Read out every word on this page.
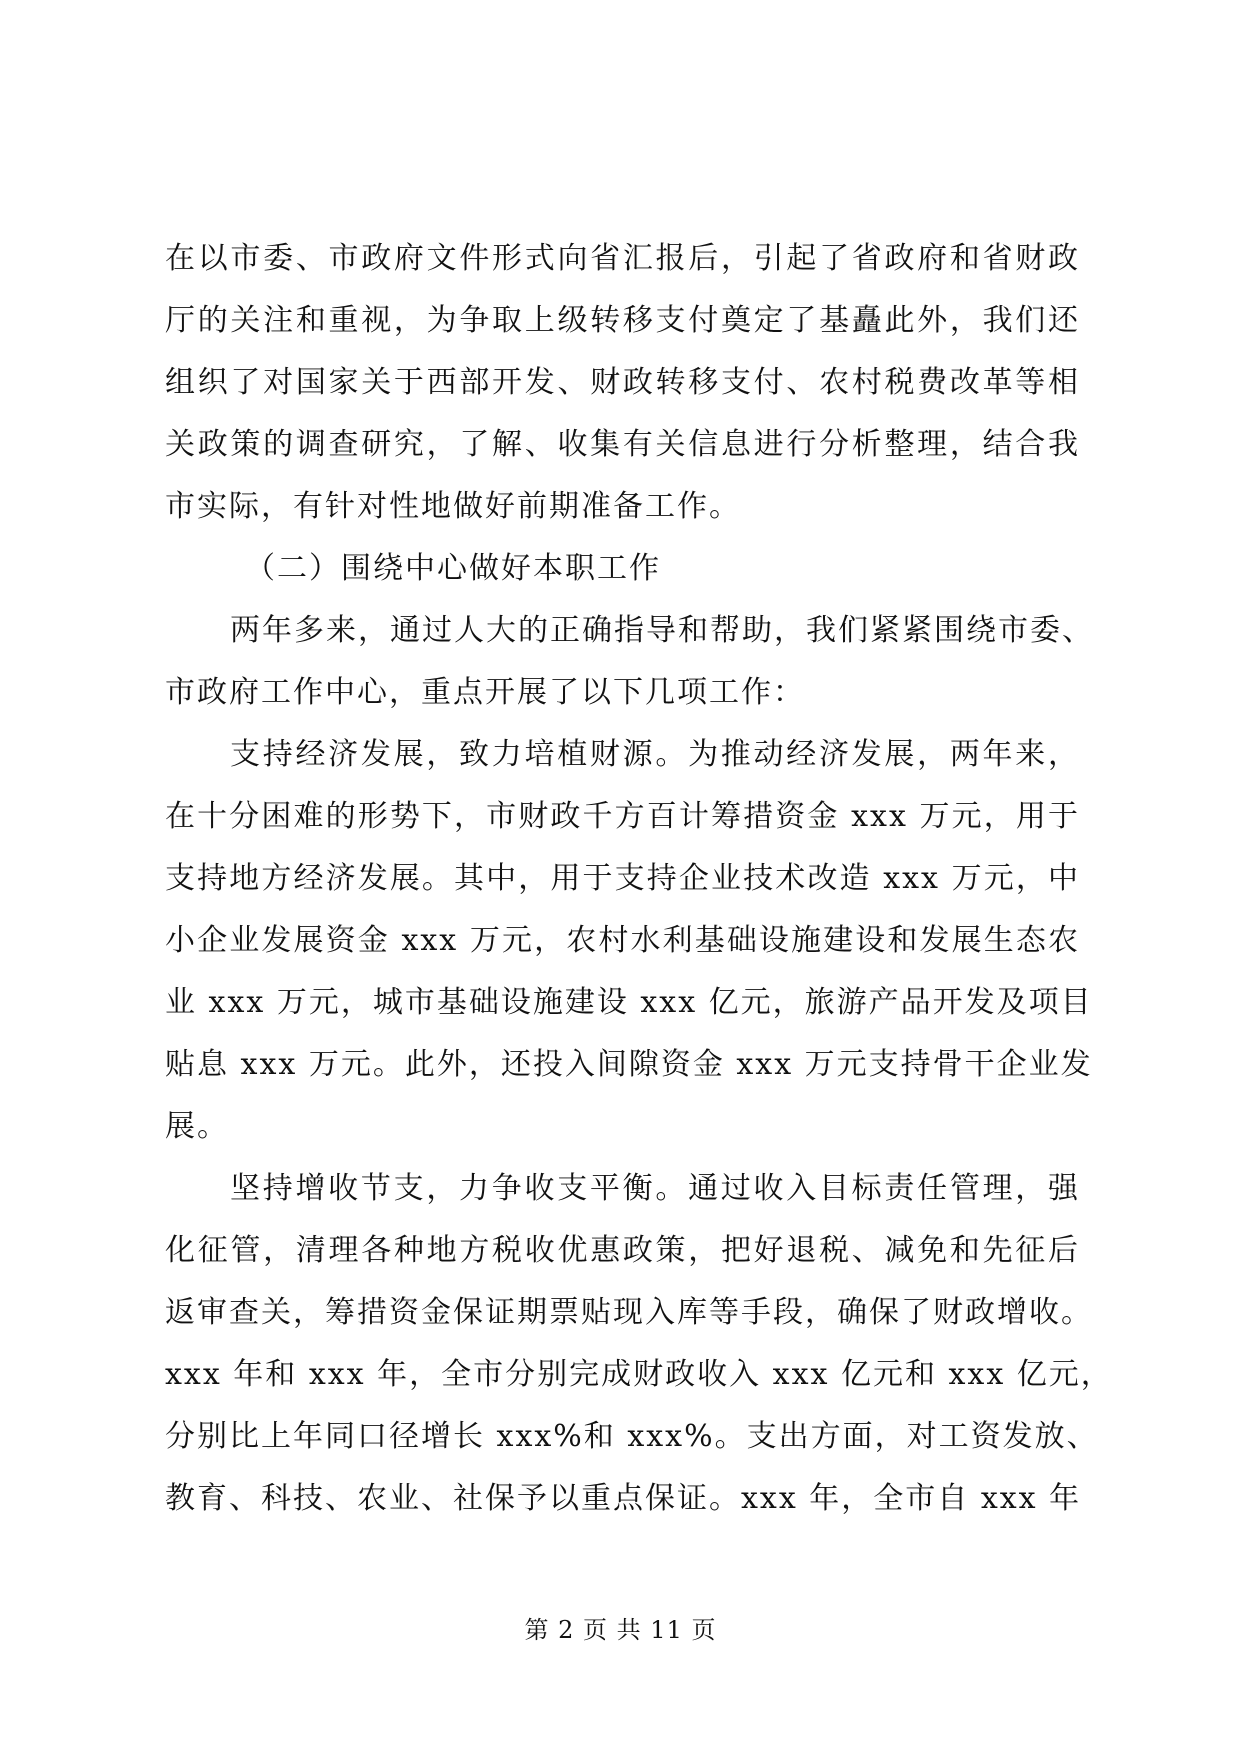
在以市委、市政府文件形式向省汇报后，引起了省政府和省财政
厅的关注和重视，为争取上级转移支付奠定了基矗此外，我们还
组织了对国家关于西部开发、财政转移支付、农村税费改革等相
关政策的调查研究，了解、收集有关信息进行分析整理，结合我
市实际，有针对性地做好前期准备工作。
（二）围绕中心做好本职工作
两年多来，通过人大的正确指导和帮助，我们紧紧围绕市委、
市政府工作中心，重点开展了以下几项工作：
支持经济发展，致力培植财源。为推动经济发展，两年来，
在十分困难的形势下，市财政千方百计筹措资金 xxx 万元，用于
支持地方经济发展。其中，用于支持企业技术改造 xxx 万元，中
小企业发展资金 xxx 万元，农村水利基础设施建设和发展生态农
业 xxx 万元，城市基础设施建设 xxx 亿元，旅游产品开发及项目
贴息 xxx 万元。此外，还投入间隙资金 xxx 万元支持骨干企业发
展。
坚持增收节支，力争收支平衡。通过收入目标责任管理，强
化征管，清理各种地方税收优惠政策，把好退税、减免和先征后
返审查关，筹措资金保证期票贴现入库等手段，确保了财政增收。
xxx 年和 xxx 年，全市分别完成财政收入 xxx 亿元和 xxx 亿元，
分别比上年同口径增长 xxx%和 xxx%。支出方面，对工资发放、
教育、科技、农业、社保予以重点保证。xxx 年，全市自 xxx 年
第 2 页 共 11 页
